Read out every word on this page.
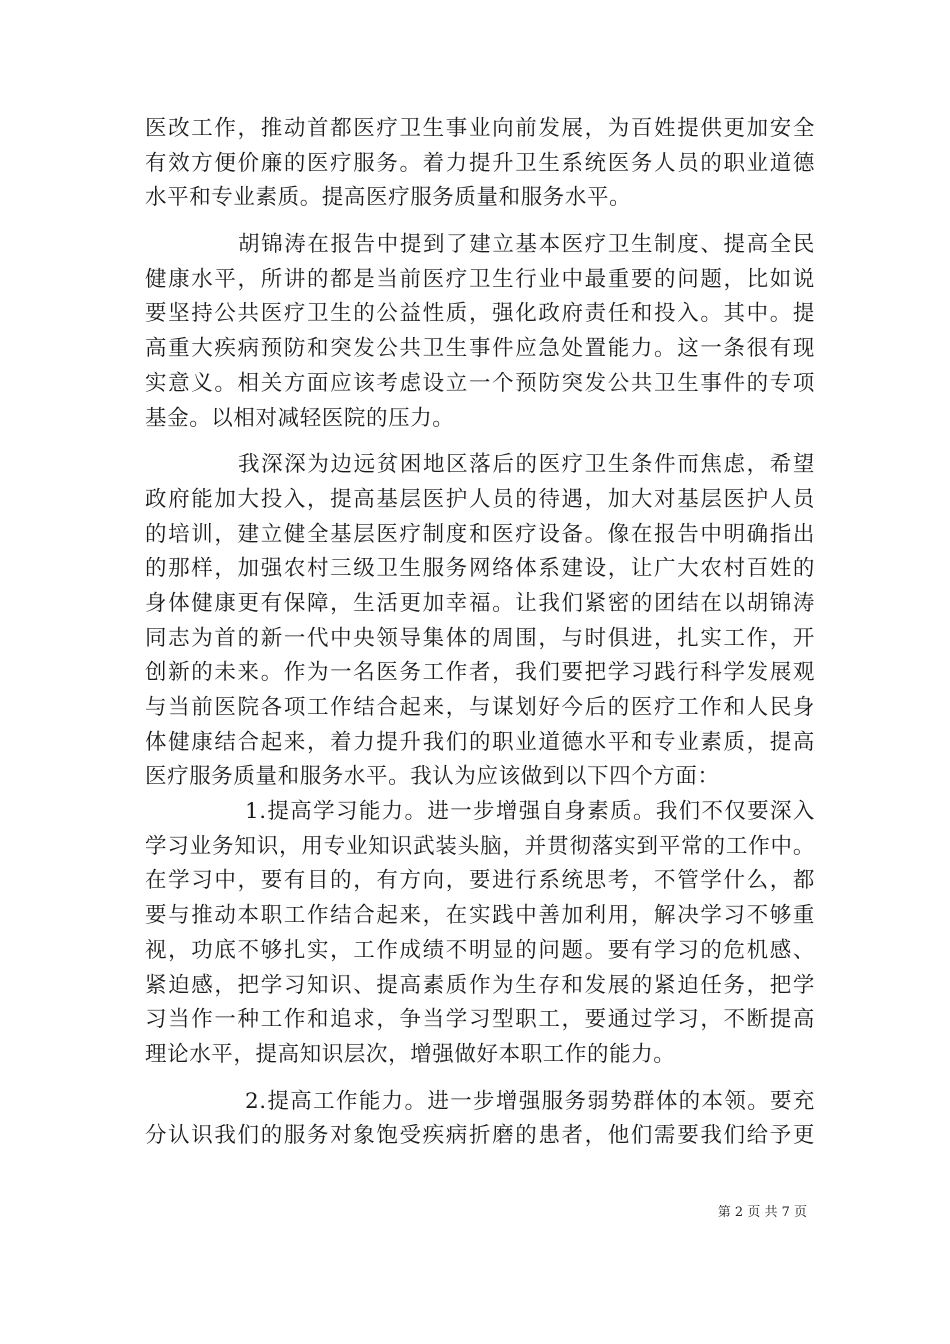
医改工作，推动首都医疗卫生事业向前发展，为百姓提供更加安全
有效方便价廉的医疗服务。着力提升卫生系统医务人员的职业道德
水平和专业素质。提高医疗服务质量和服务水平。
胡锦涛在报告中提到了建立基本医疗卫生制度、提高全民
健康水平，所讲的都是当前医疗卫生行业中最重要的问题，比如说
要坚持公共医疗卫生的公益性质，强化政府责任和投入。其中。提
高重大疾病预防和突发公共卫生事件应急处置能力。这一条很有现
实意义。相关方面应该考虑设立一个预防突发公共卫生事件的专项
基金。以相对减轻医院的压力。
我深深为边远贫困地区落后的医疗卫生条件而焦虑，希望
政府能加大投入，提高基层医护人员的待遇，加大对基层医护人员
的培训，建立健全基层医疗制度和医疗设备。像在报告中明确指出
的那样，加强农村三级卫生服务网络体系建设，让广大农村百姓的
身体健康更有保障，生活更加幸福。让我们紧密的团结在以胡锦涛
同志为首的新一代中央领导集体的周围，与时俱进，扎实工作，开
创新的未来。作为一名医务工作者，我们要把学习践行科学发展观
与当前医院各项工作结合起来，与谋划好今后的医疗工作和人民身
体健康结合起来，着力提升我们的职业道德水平和专业素质，提高
医疗服务质量和服务水平。我认为应该做到以下四个方面：
1.提高学习能力。进一步增强自身素质。我们不仅要深入
学习业务知识，用专业知识武装头脑，并贯彻落实到平常的工作中。
在学习中，要有目的，有方向，要进行系统思考，不管学什么，都
要与推动本职工作结合起来，在实践中善加利用，解决学习不够重
视，功底不够扎实，工作成绩不明显的问题。要有学习的危机感、
紧迫感，把学习知识、提高素质作为生存和发展的紧迫任务，把学
习当作一种工作和追求，争当学习型职工，要通过学习，不断提高
理论水平，提高知识层次，增强做好本职工作的能力。
2.提高工作能力。进一步增强服务弱势群体的本领。要充
分认识我们的服务对象饱受疾病折磨的患者，他们需要我们给予更
第 2 页 共 7 页
